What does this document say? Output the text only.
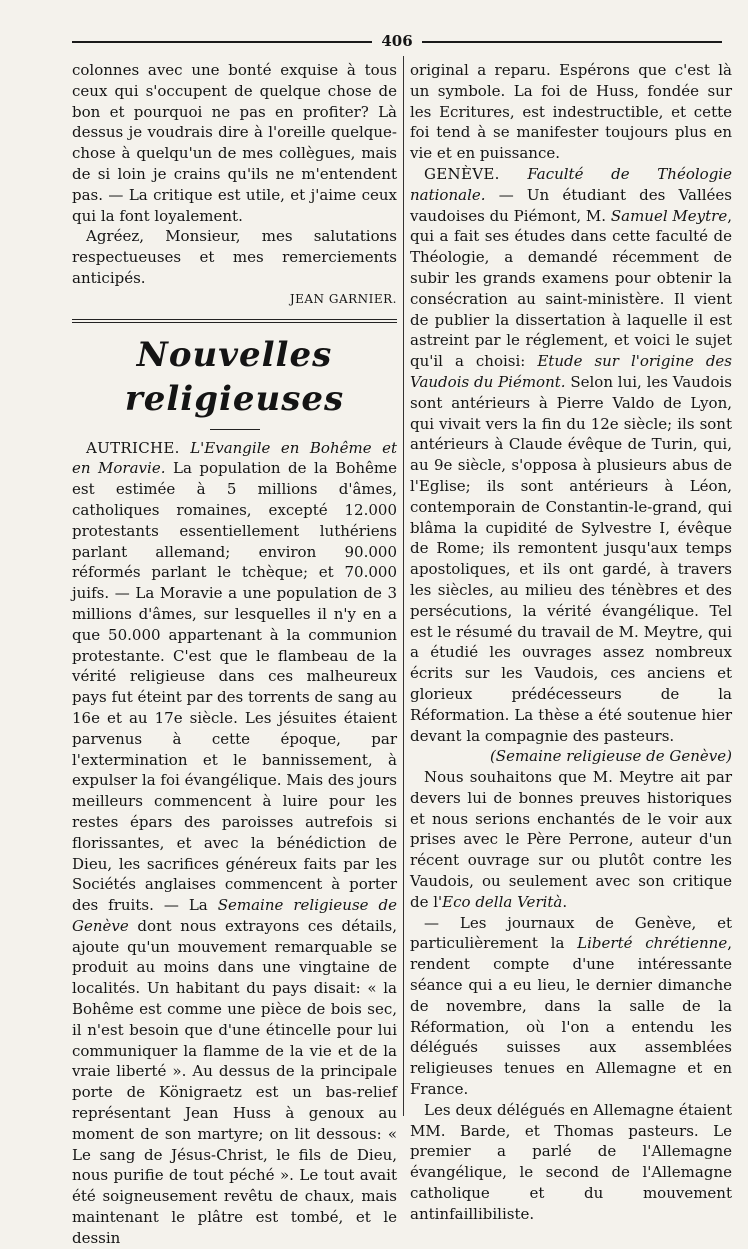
406

colonnes avec une bonté exquise à tous ceux qui s'occupent de quelque chose de bon et pourquoi ne pas en profiter? Là dessus je voudrais dire à l'oreille quelque-chose à quelqu'un de mes collègues, mais de si loin je crains qu'ils ne m'entendent pas. — La critique est utile, et j'aime ceux qui la font loyalement.

Agréez, Monsieur, mes salutations respectueuses et mes remerciements anticipés.

JEAN GARNIER.

Nouvelles religieuses

AUTRICHE. L'Evangile en Bohême et en Moravie. La population de la Bohême est estimée à 5 millions d'âmes, catholiques romaines, excepté 12.000 protestants essentiellement luthériens parlant allemand; environ 90.000 réformés parlant le tchèque; et 70.000 juifs. — La Moravie a une population de 3 millions d'âmes, sur lesquelles il n'y en a que 50.000 appartenant à la communion protestante. C'est que le flambeau de la vérité religieuse dans ces malheureux pays fut éteint par des torrents de sang au 16e et au 17e siècle. Les jésuites étaient parvenus à cette époque, par l'extermination et le bannissement, à expulser la foi évangélique. Mais des jours meilleurs commencent à luire pour les restes épars des paroisses autrefois si florissantes, et avec la bénédiction de Dieu, les sacrifices généreux faits par les Sociétés anglaises commencent à porter des fruits. — La Semaine religieuse de Genève dont nous extrayons ces détails, ajoute qu'un mouvement remarquable se produit au moins dans une vingtaine de localités. Un habitant du pays disait: « la Bohême est comme une pièce de bois sec, il n'est besoin que d'une étincelle pour lui communiquer la flamme de la vie et de la vraie liberté ». Au dessus de la principale porte de Königraetz est un bas-relief représentant Jean Huss à genoux au moment de son martyre; on lit dessous: « Le sang de Jésus-Christ, le fils de Dieu, nous purifie de tout péché ». Le tout avait été soigneusement revêtu de chaux, mais maintenant le plâtre est tombé, et le dessin

original a reparu. Espérons que c'est là un symbole. La foi de Huss, fondée sur les Ecritures, est indestructible, et cette foi tend à se manifester toujours plus en vie et en puissance.

GENÈVE. Faculté de Théologie nationale. — Un étudiant des Vallées vaudoises du Piémont, M. Samuel Meytre, qui a fait ses études dans cette faculté de Théologie, a demandé récemment de subir les grands examens pour obtenir la consécration au saint-ministère. Il vient de publier la dissertation à laquelle il est astreint par le réglement, et voici le sujet qu'il a choisi: Etude sur l'origine des Vaudois du Piémont. Selon lui, les Vaudois sont antérieurs à Pierre Valdo de Lyon, qui vivait vers la fin du 12e siècle; ils sont antérieurs à Claude évêque de Turin, qui, au 9e siècle, s'opposa à plusieurs abus de l'Eglise; ils sont antérieurs à Léon, contemporain de Constantin-le-grand, qui blâma la cupidité de Sylvestre I, évêque de Rome; ils remontent jusqu'aux temps apostoliques, et ils ont gardé, à travers les siècles, au milieu des ténèbres et des persécutions, la vérité évangélique. Tel est le résumé du travail de M. Meytre, qui a étudié les ouvrages assez nombreux écrits sur les Vaudois, ces anciens et glorieux prédécesseurs de la Réformation. La thèse a été soutenue hier devant la compagnie des pasteurs.

(Semaine religieuse de Genève)

Nous souhaitons que M. Meytre ait par devers lui de bonnes preuves historiques et nous serions enchantés de le voir aux prises avec le Père Perrone, auteur d'un récent ouvrage sur ou plutôt contre les Vaudois, ou seulement avec son critique de l'Eco della Verità.

— Les journaux de Genève, et particulièrement la Liberté chrétienne, rendent compte d'une intéressante séance qui a eu lieu, le dernier dimanche de novembre, dans la salle de la Réformation, où l'on a entendu les délégués suisses aux assemblées religieuses tenues en Allemagne et en France.

Les deux délégués en Allemagne étaient MM. Barde, et Thomas pasteurs. Le premier a parlé de l'Allemagne évangélique, le second de l'Allemagne catholique et du mouvement antinfaillibiliste.
